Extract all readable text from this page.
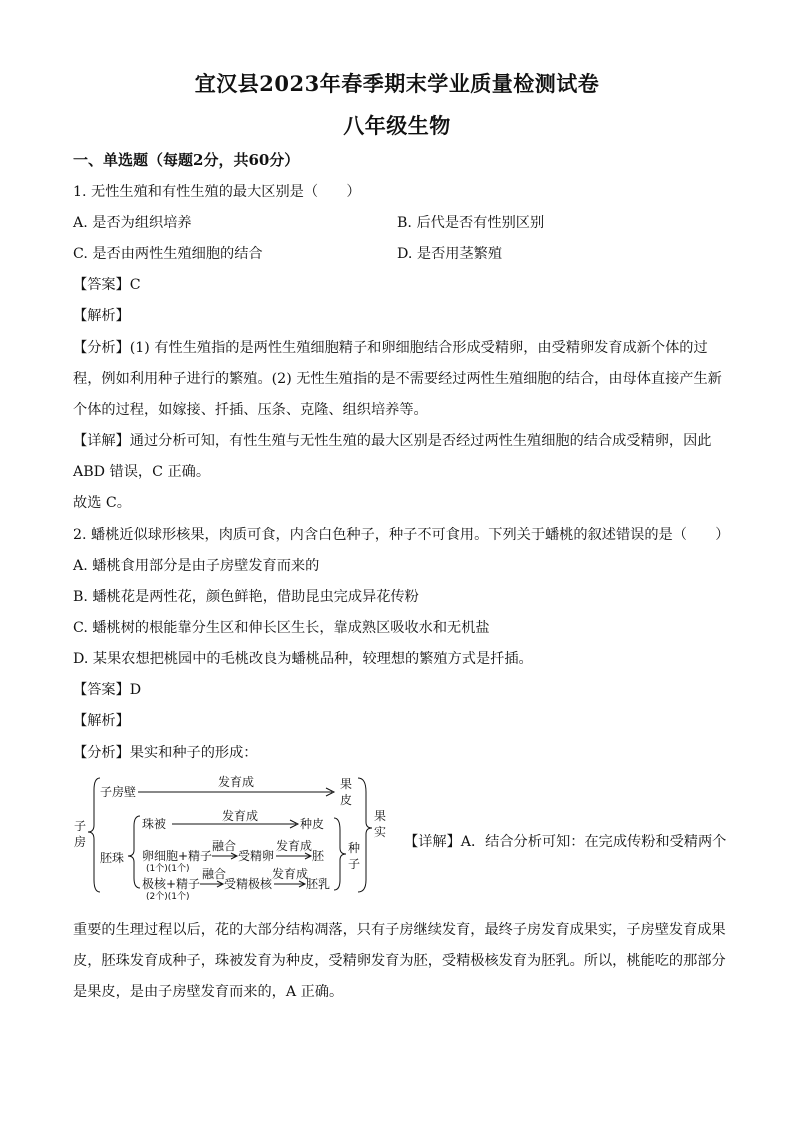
宜汉县2023年春季期末学业质量检测试卷
八年级生物
一、单选题（每题2分，共60分）
1. 无性生殖和有性生殖的最大区别是（　　）
A. 是否为组织培养	B. 后代是否有性别区别
C. 是否由两性生殖细胞的结合	D. 是否用茎繁殖
【答案】C
【解析】
【分析】(1) 有性生殖指的是两性生殖细胞精子和卵细胞结合形成受精卵，由受精卵发育成新个体的过
程，例如利用种子进行的繁殖。(2) 无性生殖指的是不需要经过两性生殖细胞的结合，由母体直接产生新
个体的过程，如嫁接、扦插、压条、克隆、组织培养等。
【详解】通过分析可知，有性生殖与无性生殖的最大区别是否经过两性生殖细胞的结合成受精卵，因此
ABD 错误，C 正确。
故选 C。
2. 蟠桃近似球形核果，肉质可食，内含白色种子，种子不可食用。下列关于蟠桃的叙述错误的是（　　）
A. 蟠桃食用部分是由子房壁发育而来的
B. 蟠桃花是两性花，颜色鲜艳，借助昆虫完成异花传粉
C. 蟠桃树的根能靠分生区和伸长区生长，靠成熟区吸收水和无机盐
D. 某果农想把桃园中的毛桃改良为蟠桃品种，较理想的繁殖方式是扦插。
【答案】D
【解析】
【分析】果实和种子的形成：
子
房
子房壁
发育成	果
皮
胚珠
珠被
发育成
种皮
卵细胞+精子
(1个)(1个)
融合
受精卵
发育成
胚
极核+精子
(2个)(1个)
融合
受精极核
发育成
胚乳
种
子
果
实
【详解】A．结合分析可知：在完成传粉和受精两个
重要的生理过程以后，花的大部分结构凋落，只有子房继续发育，最终子房发育成果实，子房壁发育成果
皮，胚珠发育成种子，珠被发育为种皮，受精卵发育为胚，受精极核发育为胚乳。所以，桃能吃的那部分
是果皮，是由子房壁发育而来的，A 正确。
